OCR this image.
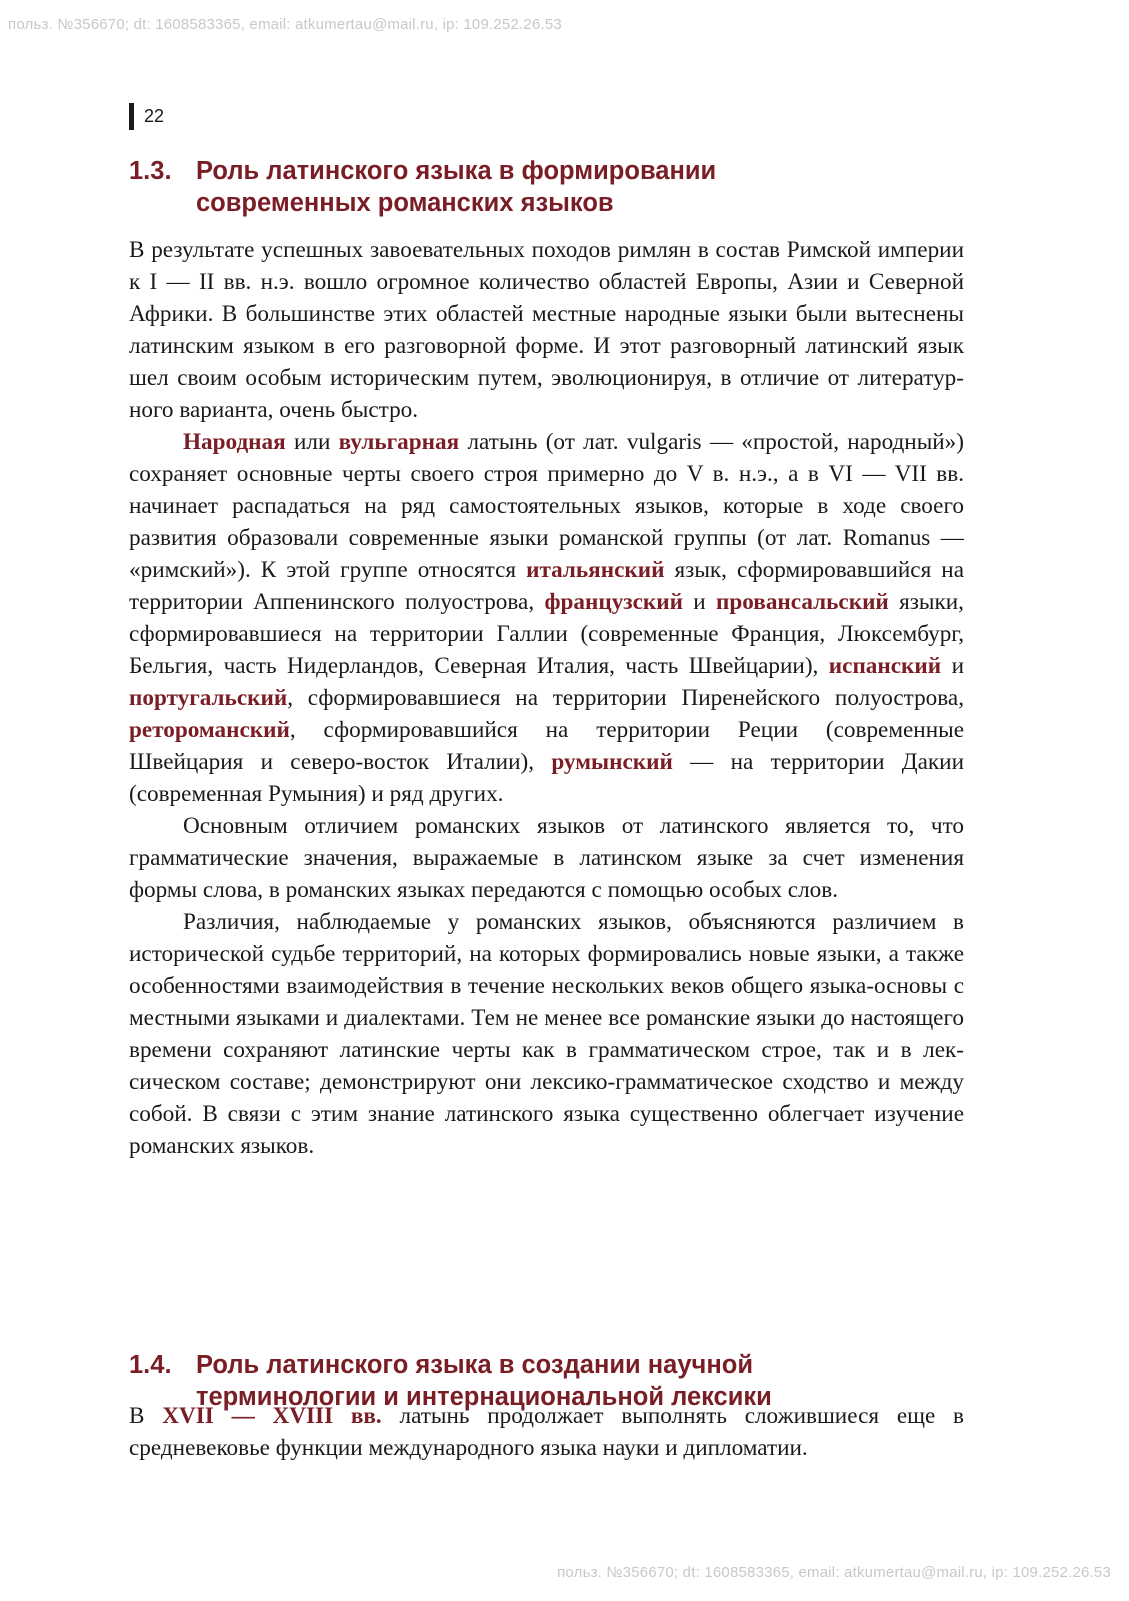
польз. №356670; dt: 1608583365, email: atkumertau@mail.ru, ip: 109.252.26.53
22
1.3. Роль латинского языка в формировании современных романских языков

В результате успешных завоевательных походов римлян в состав Римской империи к I — II вв. н.э. вошло огромное количество областей Европы, Азии и Северной Африки. В большинстве этих областей местные народные языки были вытеснены латинским языком в его разговорной форме. И этот разговорный латинский язык шел своим особым историческим путем, эволюционируя, в отличие от литературного варианта, очень быстро.

Народная или вульгарная латынь (от лат. vulgaris — «простой, народный») сохраняет основные черты своего строя примерно до V в. н.э., а в VI — VII вв. начинает распадаться на ряд самостоятельных языков, которые в ходе своего развития образовали современные языки романской группы (от лат. Romanus — «римский»). К этой группе относятся итальянский язык, сформировавшийся на территории Аппенинского полуострова, французский и провансальский языки, сформировавшиеся на территории Галлии (современные Франция, Люксембург, Бельгия, часть Нидерландов, Северная Италия, часть Швейцарии), испанский и португальский, сформировавшиеся на территории Пиренейского полуострова, ретороманский, сформировавшийся на территории Реции (современные Швейцария и северо-восток Италии), румынский — на территории Дакии (современная Румыния) и ряд других.

Основным отличием романских языков от латинского является то, что грамматические значения, выражаемые в латинском языке за счет изменения формы слова, в романских языках передаются с помощью особых слов.

Различия, наблюдаемые у романских языков, объясняются различием в исторической судьбе территорий, на которых формировались новые языки, а также особенностями взаимодействия в течение нескольких веков общего языка-основы с местными языками и диалектами. Тем не менее все романские языки до настоящего времени сохраняют латинские черты как в грамматическом строе, так и в лексическом составе; демонстрируют они лексико-грамматическое сходство и между собой. В связи с этим знание латинского языка существенно облегчает изучение романских языков.

1.4. Роль латинского языка в создании научной терминологии и интернациональной лексики

В XVII — XVIII вв. латынь продолжает выполнять сложившиеся еще в средневековье функции международного языка науки и дипломатии.

польз. №356670; dt: 1608583365, email: atkumertau@mail.ru, ip: 109.252.26.53
